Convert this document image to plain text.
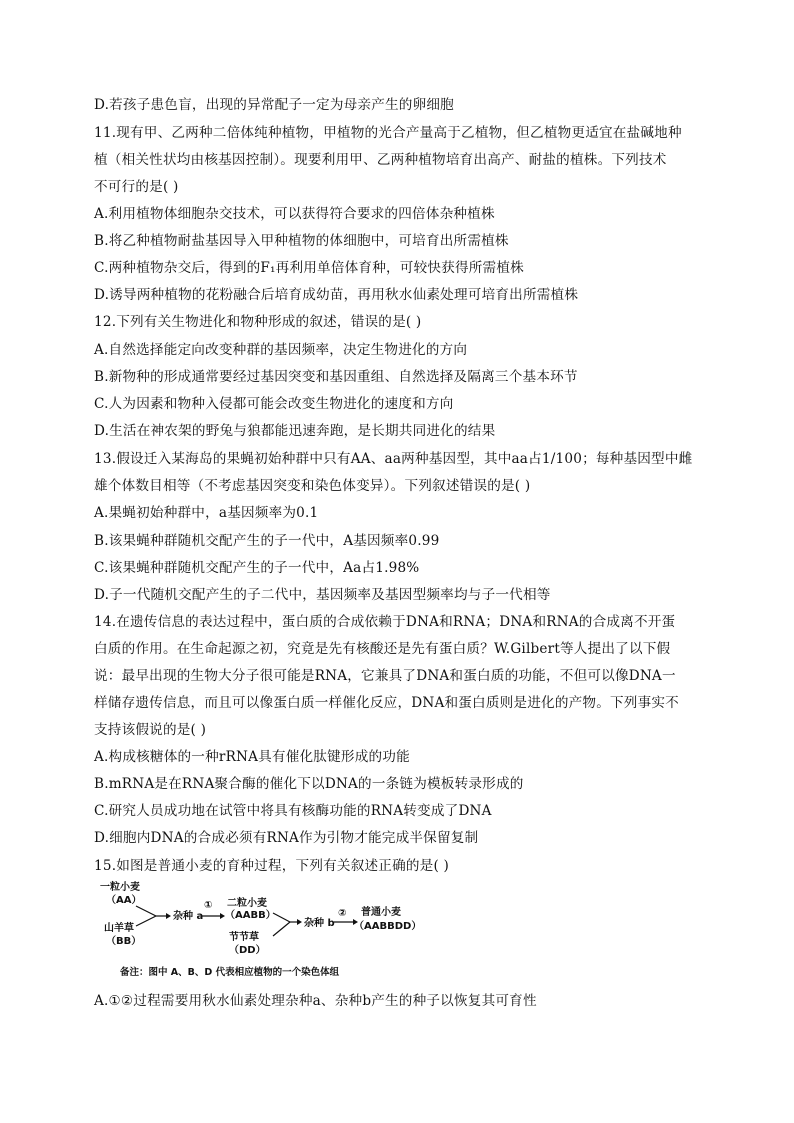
D.若孩子患色盲，出现的异常配子一定为母亲产生的卵细胞
11.现有甲、乙两种二倍体纯种植物，甲植物的光合产量高于乙植物，但乙植物更适宜在盐碱地种
植（相关性状均由核基因控制）。现要利用甲、乙两种植物培育出高产、耐盐的植株。下列技术
不可行的是( )
A.利用植物体细胞杂交技术，可以获得符合要求的四倍体杂种植株
B.将乙种植物耐盐基因导入甲种植物的体细胞中，可培育出所需植株
C.两种植物杂交后，得到的F₁再利用单倍体育种，可较快获得所需植株
D.诱导两种植物的花粉融合后培育成幼苗，再用秋水仙素处理可培育出所需植株
12.下列有关生物进化和物种形成的叙述，错误的是( )
A.自然选择能定向改变种群的基因频率，决定生物进化的方向
B.新物种的形成通常要经过基因突变和基因重组、自然选择及隔离三个基本环节
C.人为因素和物种入侵都可能会改变生物进化的速度和方向
D.生活在神农架的野兔与狼都能迅速奔跑，是长期共同进化的结果
13.假设迁入某海岛的果蝇初始种群中只有AA、aa两种基因型，其中aa占1/100；每种基因型中雌
雄个体数目相等（不考虑基因突变和染色体变异）。下列叙述错误的是( )
A.果蝇初始种群中，a基因频率为0.1
B.该果蝇种群随机交配产生的子一代中，A基因频率0.99
C.该果蝇种群随机交配产生的子一代中，Aa占1.98%
D.子一代随机交配产生的子二代中，基因频率及基因型频率均与子一代相等
14.在遗传信息的表达过程中，蛋白质的合成依赖于DNA和RNA；DNA和RNA的合成离不开蛋
白质的作用。在生命起源之初，究竟是先有核酸还是先有蛋白质？W.Gilbert等人提出了以下假
说：最早出现的生物大分子很可能是RNA，它兼具了DNA和蛋白质的功能，不但可以像DNA一
样储存遗传信息，而且可以像蛋白质一样催化反应，DNA和蛋白质则是进化的产物。下列事实不
支持该假说的是( )
A.构成核糖体的一种rRNA具有催化肽键形成的功能
B.mRNA是在RNA聚合酶的催化下以DNA的一条链为模板转录形成的
C.研究人员成功地在试管中将具有核酶功能的RNA转变成了DNA
D.细胞内DNA的合成必须有RNA作为引物才能完成半保留复制
15.如图是普通小麦的育种过程，下列有关叙述正确的是( )
一粒小麦
（AA）
山羊草
（BB）
杂种 a
① 二粒小麦
（AABB）
节节草
（DD）
杂种 b
② 普通小麦
（AABBDD）
备注：图中 A、B、D 代表相应植物的一个染色体组
A.①②过程需要用秋水仙素处理杂种a、杂种b产生的种子以恢复其可育性
